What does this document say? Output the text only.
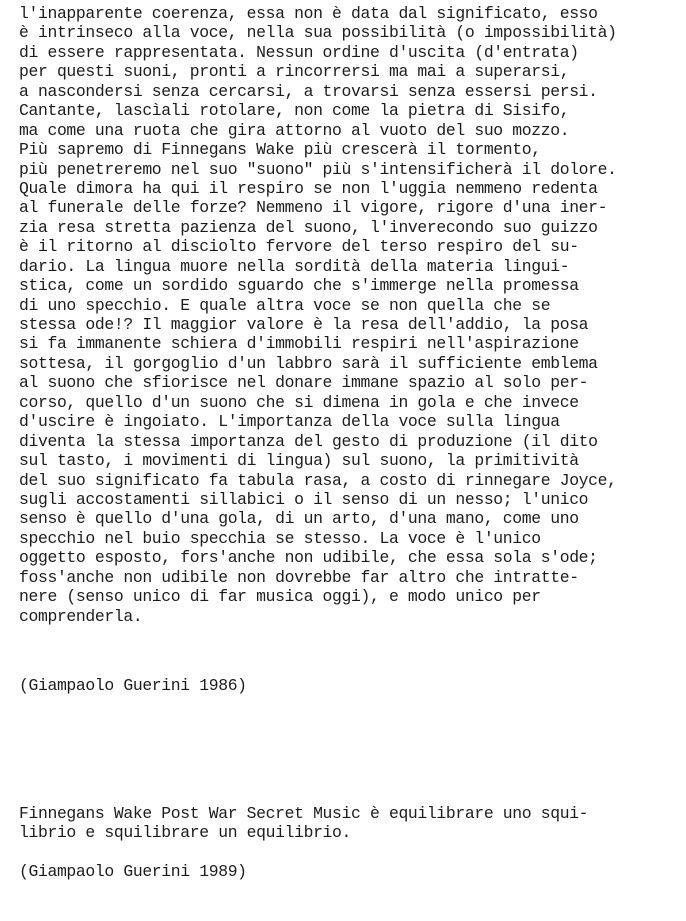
l'inapparente coerenza, essa non è data dal significato, esso
è intrinseco alla voce, nella sua possibilità (o impossibilità)
di essere rappresentata. Nessun ordine d'uscita (d'entrata)
per questi suoni, pronti a rincorrersi ma mai a superarsi,
a nascondersi senza cercarsi, a trovarsi senza essersi persi.
Cantante, lascìali rotolare, non come la pietra di Sisifo,
ma come una ruota che gira attorno al vuoto del suo mozzo.
Più sapremo di Finnegans Wake più crescerà il tormento,
più penetreremo nel suo "suono" più s'intensificherà il dolore.
Quale dimora ha qui il respiro se non l'uggia nemmeno redenta
al funerale delle forze? Nemmeno il vigore, rigore d'una iner-
zia resa stretta pazienza del suono, l'inverecondo suo guizzo
è il ritorno al disciolto fervore del terso respiro del su-
dario. La lingua muore nella sordità della materia lingui-
stica, come un sordido sguardo che s'immerge nella promessa
di uno specchio. E quale altra voce se non quella che se
stessa ode!? Il maggior valore è la resa dell'addio, la posa
si fa immanente schiera d'immobili respiri nell'aspirazione
sottesa, il gorgoglio d'un labbro sarà il sufficiente emblema
al suono che sfiorisce nel donare immane spazio al solo per-
corso, quello d'un suono che si dimena in gola e che invece
d'uscire è ingoiato. L'importanza della voce sulla lingua
diventa la stessa importanza del gesto di produzione (il dito
sul tasto, i movimenti di lingua) sul suono, la primitività
del suo significato fa tabula rasa, a costo di rinnegare Joyce,
sugli accostamenti sillabici o il senso di un nesso; l'unico
senso è quello d'una gola, di un arto, d'una mano, come uno
specchio nel buio specchia se stesso. La voce è l'unico
oggetto esposto, fors'anche non udibile, che essa sola s'ode;
foss'anche non udibile non dovrebbe far altro che intratte-
nere (senso unico di far musica oggi), e modo unico per
comprenderla.
(Giampaolo Guerini 1986)
Finnegans Wake Post War Secret Music è equilibrare uno squi-
librio e squilibrare un equilibrio.
(Giampaolo Guerini 1989)
